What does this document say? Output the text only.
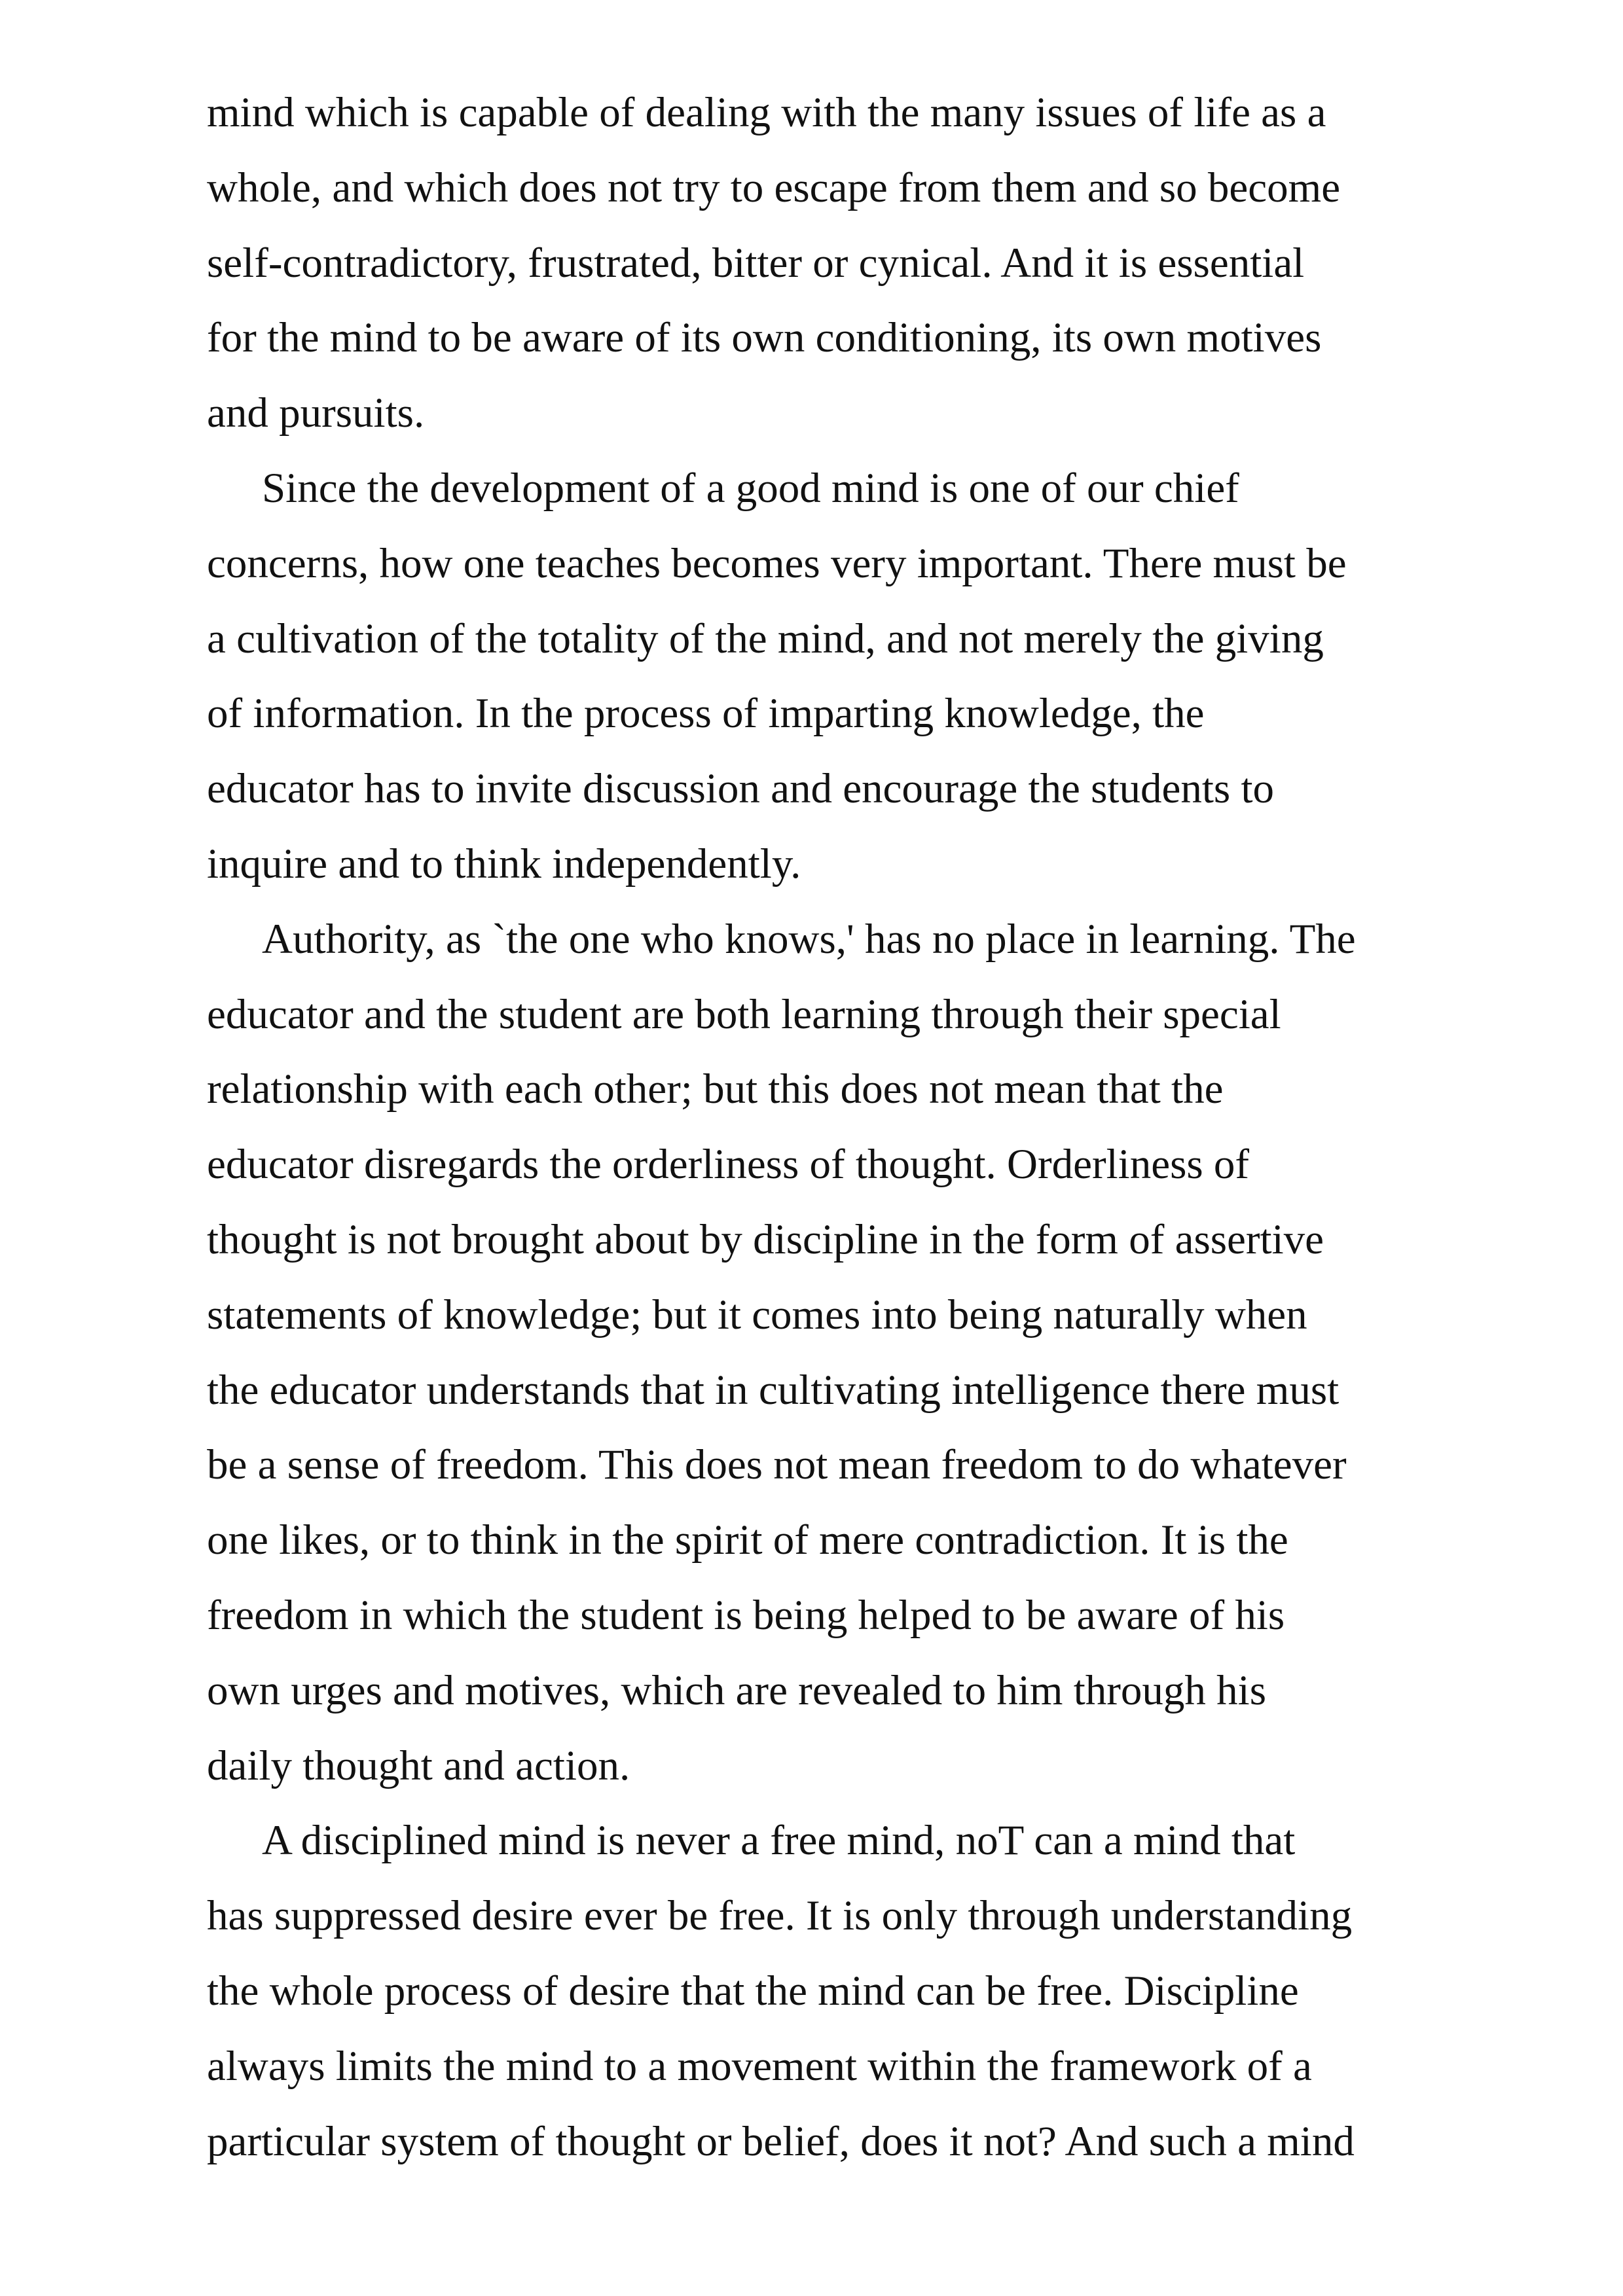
mind which is capable of dealing with the many issues of life as a
whole, and which does not try to escape from them and so become
self-contradictory, frustrated, bitter or cynical. And it is essential
for the mind to be aware of its own conditioning, its own motives
and pursuits.
Since the development of a good mind is one of our chief
concerns, how one teaches becomes very important. There must be
a cultivation of the totality of the mind, and not merely the giving
of information. In the process of imparting knowledge, the
educator has to invite discussion and encourage the students to
inquire and to think independently.
Authority, as `the one who knows,' has no place in learning. The
educator and the student are both learning through their special
relationship with each other; but this does not mean that the
educator disregards the orderliness of thought. Orderliness of
thought is not brought about by discipline in the form of assertive
statements of knowledge; but it comes into being naturally when
the educator understands that in cultivating intelligence there must
be a sense of freedom. This does not mean freedom to do whatever
one likes, or to think in the spirit of mere contradiction. It is the
freedom in which the student is being helped to be aware of his
own urges and motives, which are revealed to him through his
daily thought and action.
A disciplined mind is never a free mind, noT can a mind that
has suppressed desire ever be free. It is only through understanding
the whole process of desire that the mind can be free. Discipline
always limits the mind to a movement within the framework of a
particular system of thought or belief, does it not? And such a mind
